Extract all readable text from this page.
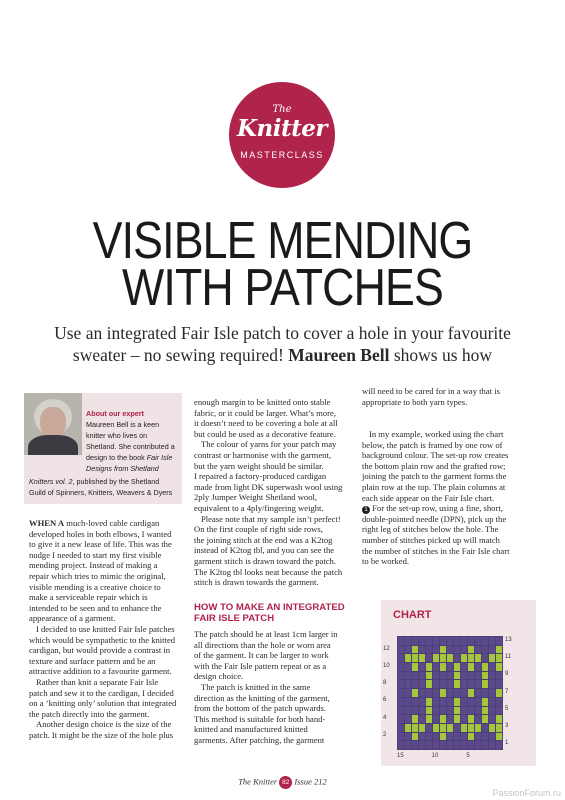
The
Knitter
MASTERCLASS
VISIBLE MENDING
WITH PATCHES
Use an integrated Fair Isle patch to cover a hole in your favourite
sweater – no sewing required! Maureen Bell shows us how
About our expert
Maureen Bell is a keen
knitter who lives on
Shetland. She contributed a
design to the book Fair Isle
Designs from Shetland
Knitters vol. 2, published by the Shetland
Guild of Spinners, Knitters, Weavers & Dyers
WHEN A much-loved cable cardigan
developed holes in both elbows, I wanted
to give it a new lease of life. This was the
nudge I needed to start my first visible
mending project. Instead of making a
repair which tries to mimic the original,
visible mending is a creative choice to
make a serviceable repair which is
intended to be seen and to enhance the
appearance of a garment.
I decided to use knitted Fair Isle patches
which would be sympathetic to the knitted
cardigan, but would provide a contrast in
texture and surface pattern and be an
attractive addition to a favourite garment.
Rather than knit a separate Fair Isle
patch and sew it to the cardigan, I decided
on a ‘knitting only’ solution that integrated
the patch directly into the garment.
Another design choice is the size of the
patch. It might be the size of the hole plus
enough margin to be knitted onto stable
fabric, or it could be larger. What’s more,
it doesn’t need to be covering a hole at all
but could be used as a decorative feature.
The colour of yarns for your patch may
contrast or harmonise with the garment,
but the yarn weight should be similar.
I repaired a factory-produced cardigan
made from light DK superwash wool using
2ply Jumper Weight Shetland wool,
equivalent to a 4ply/fingering weight.
Please note that my sample isn’t perfect!
On the first couple of right side rows,
the joining stitch at the end was a K2tog
instead of K2tog tbl, and you can see the
garment stitch is drawn toward the patch.
The K2tog tbl looks neat because the patch
stitch is drawn towards the garment.
HOW TO MAKE AN INTEGRATED
FAIR ISLE PATCH
The patch should be at least 1cm larger in
all directions than the hole or worn area
of the garment. It can be larger to work
with the Fair Isle pattern repeat or as a
design choice.
The patch is knitted in the same
direction as the knitting of the garment,
from the bottom of the patch upwards.
This method is suitable for both hand-
knitted and manufactured knitted
garments. After patching, the garment
will need to be cared for in a way that is
appropriate to both yarn types.
In my example, worked using the chart
below, the patch is framed by one row of
background colour. The set-up row creates
the bottom plain row and the grafted row;
joining the patch to the garment forms the
plain row at the top. The plain columns at
each side appear on the Fair Isle chart.
1 For the set-up row, using a fine, short,
double-pointed needle (DPN), pick up the
right leg of stitches below the hole. The
number of stitches picked up will match
the number of stitches in the Fair Isle chart
to be worked.
CHART
13
11
9
7
5
3
1
12
10
8
6
4
2
15	10	5
The Knitter 82 Issue 212
PassionForum.ru
